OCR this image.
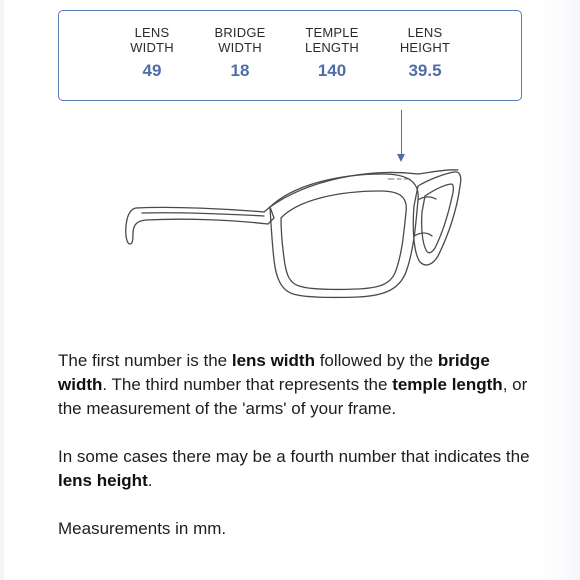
LENS
WIDTH
49
BRIDGE
WIDTH
18
TEMPLE
LENGTH
140
LENS
HEIGHT
39.5

The first number is the lens width followed by the bridge width. The third number that represents the temple length, or the measurement of the 'arms' of your frame.

In some cases there may be a fourth number that indicates the lens height.

Measurements in mm.
